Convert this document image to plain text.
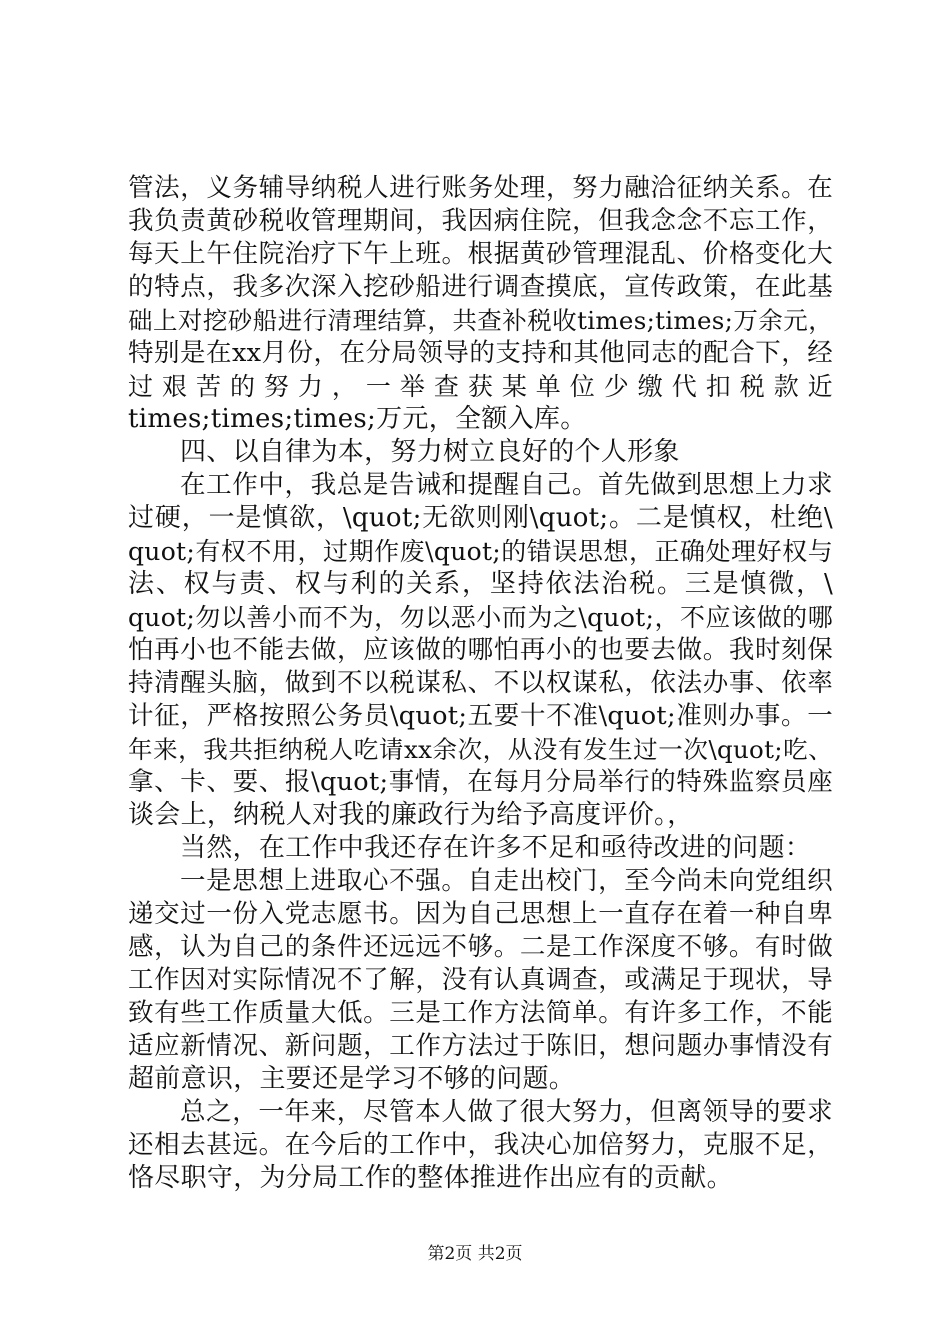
管法，义务辅导纳税人进行账务处理，努力融洽征纳关系。在
我负责黄砂税收管理期间，我因病住院，但我念念不忘工作，
每天上午住院治疗下午上班。根据黄砂管理混乱、价格变化大
的特点，我多次深入挖砂船进行调查摸底，宣传政策，在此基
础上对挖砂船进行清理结算，共查补税收times;times;万余元，
特别是在xx月份，在分局领导的支持和其他同志的配合下，经
过 艰 苦 的 努 力 ， 一 举 查 获 某 单 位 少 缴 代 扣 税 款 近
times;times;times;万元，全额入库。
四、以自律为本，努力树立良好的个人形象
在工作中，我总是告诫和提醒自己。首先做到思想上力求
过硬，一是慎欲，\quot;无欲则刚\quot;。二是慎权，杜绝\
quot;有权不用，过期作废\quot;的错误思想，正确处理好权与
法、权与责、权与利的关系，坚持依法治税。三是慎微，\
quot;勿以善小而不为，勿以恶小而为之\quot;，不应该做的哪
怕再小也不能去做，应该做的哪怕再小的也要去做。我时刻保
持清醒头脑，做到不以税谋私、不以权谋私，依法办事、依率
计征，严格按照公务员\quot;五要十不准\quot;准则办事。一
年来，我共拒纳税人吃请xx余次，从没有发生过一次\quot;吃、
拿、卡、要、报\quot;事情，在每月分局举行的特殊监察员座
谈会上，纳税人对我的廉政行为给予高度评价。，
当然，在工作中我还存在许多不足和亟待改进的问题：
一是思想上进取心不强。自走出校门，至今尚未向党组织
递交过一份入党志愿书。因为自己思想上一直存在着一种自卑
感，认为自己的条件还远远不够。二是工作深度不够。有时做
工作因对实际情况不了解，没有认真调查，或满足于现状，导
致有些工作质量大低。三是工作方法简单。有许多工作，不能
适应新情况、新问题，工作方法过于陈旧，想问题办事情没有
超前意识，主要还是学习不够的问题。
总之，一年来，尽管本人做了很大努力，但离领导的要求
还相去甚远。在今后的工作中，我决心加倍努力，克服不足，
恪尽职守，为分局工作的整体推进作出应有的贡献。
第2页 共2页
